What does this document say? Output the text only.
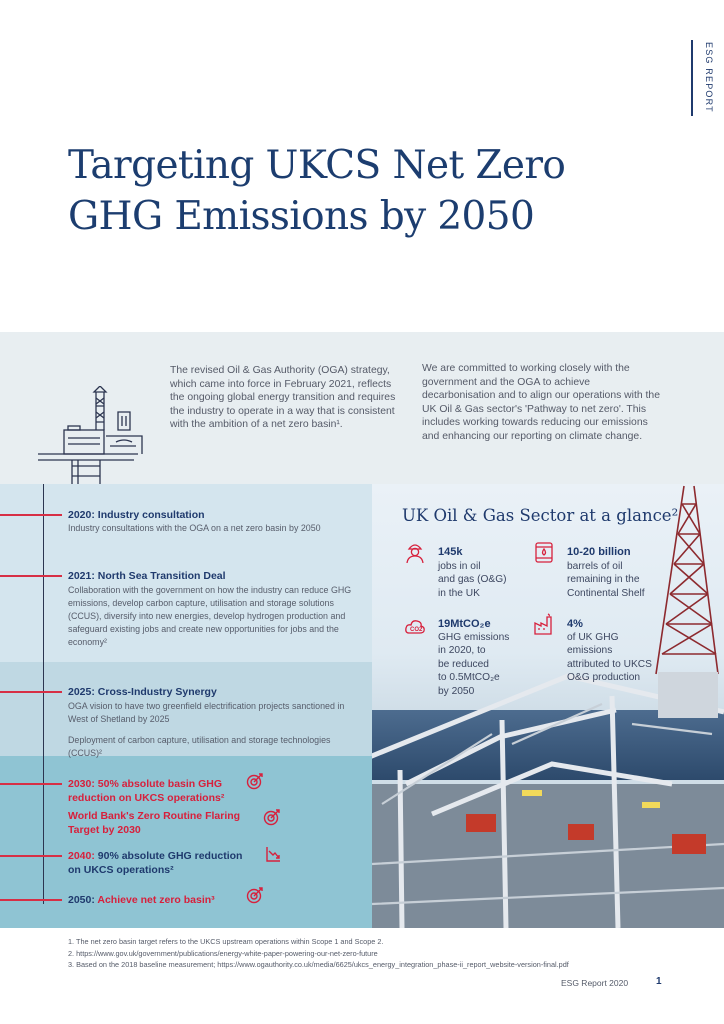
ESG REPORT
Targeting UKCS Net Zero GHG Emissions by 2050
The revised Oil & Gas Authority (OGA) strategy, which came into force in February 2021, reflects the ongoing global energy transition and requires the industry to operate in a way that is consistent with the ambition of a net zero basin¹.
We are committed to working closely with the government and the OGA to achieve decarbonisation and to align our operations with the UK Oil & Gas sector's 'Pathway to net zero'. This includes working towards reducing our emissions and enhancing our reporting on climate change.
2020: Industry consultation
Industry consultations with the OGA on a net zero basin by 2050
2021: North Sea Transition Deal
Collaboration with the government on how the industry can reduce GHG emissions, develop carbon capture, utilisation and storage solutions (CCUS), diversify into new energies, develop hydrogen production and safeguard existing jobs and create new opportunities for jobs and the economy²
2025: Cross-Industry Synergy
OGA vision to have two greenfield electrification projects sanctioned in West of Shetland by 2025
Deployment of carbon capture, utilisation and storage technologies (CCUS)²
2030: 50% absolute basin GHG
reduction on UKCS operations²
World Bank's Zero Routine Flaring
Target by 2030
2040: 90% absolute GHG reduction
on UKCS operations²
2050: Achieve net zero basin³
UK Oil & Gas Sector at a glance²
145k
jobs in oil
and gas (O&G)
in the UK
10-20 billion
barrels of oil
remaining in the
Continental Shelf
CO2 19MtCO₂e
GHG emissions
in 2020, to
be reduced
to 0.5MtCO₂e
by 2050
4%
of UK GHG
emissions
attributed to UKCS
O&G production
1. The net zero basin target refers to the UKCS upstream operations within Scope 1 and Scope 2.
2. https://www.gov.uk/government/publications/energy-white-paper-powering-our-net-zero-future
3. Based on the 2018 baseline measurement; https://www.ogauthority.co.uk/media/6625/ukcs_energy_integration_phase-ii_report_website-version-final.pdf
ESG Report 2020	1
